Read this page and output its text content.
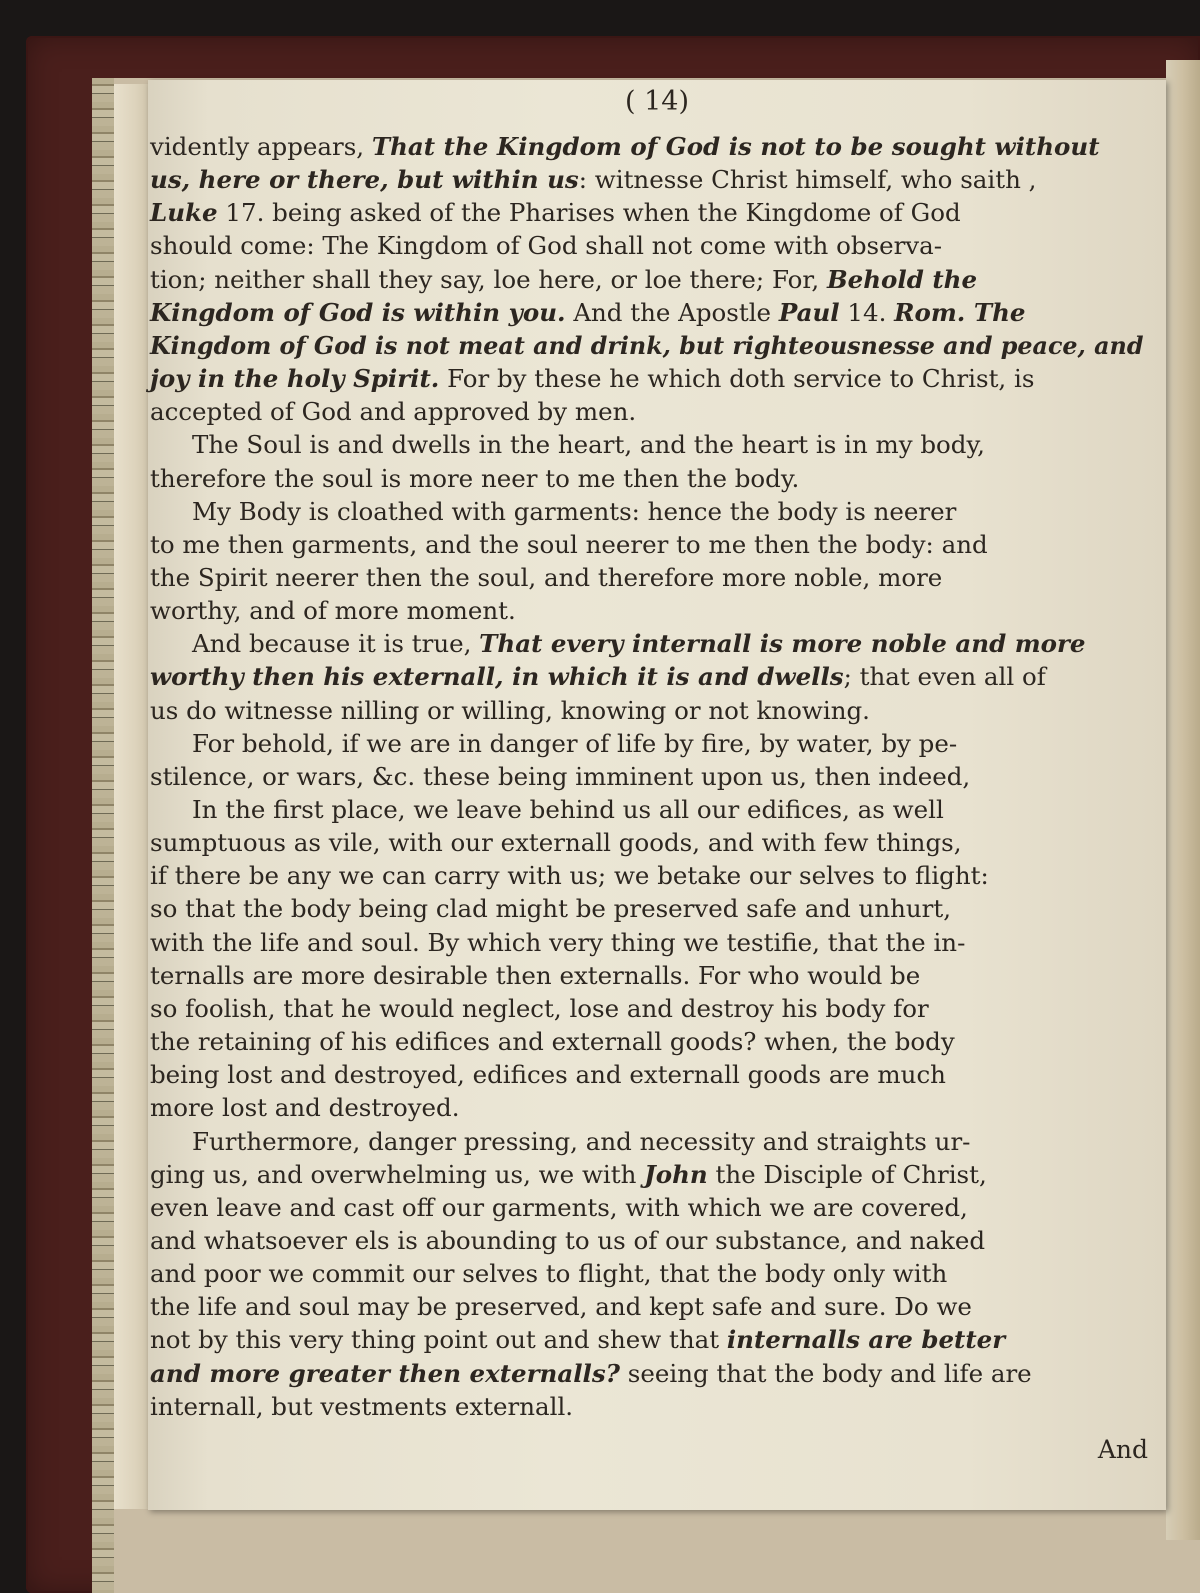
( 14)
vidently appears, That the Kingdom of God is not to be sought without
us, here or there, but within us: witnesse Christ himself, who saith ,
Luke 17. being asked of the Pharises when the Kingdome of God
should come: The Kingdom of God shall not come with observa-
tion; neither shall they say, loe here, or loe there; For, Behold the
Kingdom of God is within you. And the Apostle Paul 14. Rom. The
Kingdom of God is not meat and drink, but righteousnesse and peace, and
joy in the holy Spirit. For by these he which doth service to Christ, is
accepted of God and approved by men.
The Soul is and dwells in the heart, and the heart is in my body,
therefore the soul is more neer to me then the body.
My Body is cloathed with garments: hence the body is neerer
to me then garments, and the soul neerer to me then the body: and
the Spirit neerer then the soul, and therefore more noble, more
worthy, and of more moment.
And because it is true, That every internall is more noble and more
worthy then his externall, in which it is and dwells; that even all of
us do witnesse nilling or willing, knowing or not knowing.
For behold, if we are in danger of life by fire, by water, by pe-
stilence, or wars, &c. these being imminent upon us, then indeed,
In the first place, we leave behind us all our edifices, as well
sumptuous as vile, with our externall goods, and with few things,
if there be any we can carry with us; we betake our selves to flight:
so that the body being clad might be preserved safe and unhurt,
with the life and soul. By which very thing we testifie, that the in-
ternalls are more desirable then externalls. For who would be
so foolish, that he would neglect, lose and destroy his body for
the retaining of his edifices and externall goods? when, the body
being lost and destroyed, edifices and externall goods are much
more lost and destroyed.
Furthermore, danger pressing, and necessity and straights ur-
ging us, and overwhelming us, we with John the Disciple of Christ,
even leave and cast off our garments, with which we are covered,
and whatsoever els is abounding to us of our substance, and naked
and poor we commit our selves to flight, that the body only with
the life and soul may be preserved, and kept safe and sure. Do we
not by this very thing point out and shew that internalls are better
and more greater then externalls? seeing that the body and life are
internall, but vestments externall.
And
